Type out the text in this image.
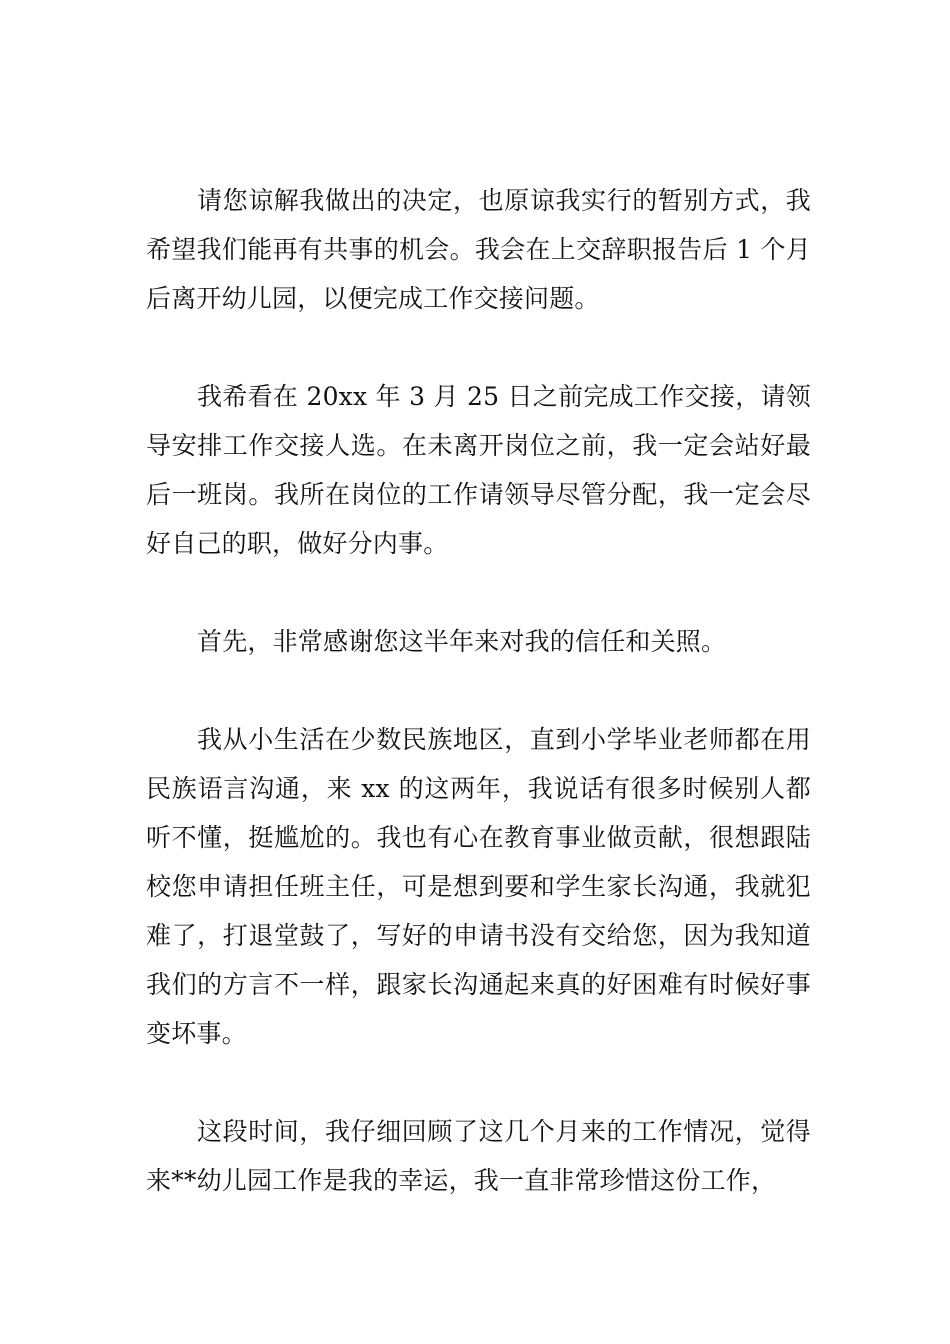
请您谅解我做出的决定，也原谅我实行的暂别方式，我希望我们能再有共事的机会。我会在上交辞职报告后 1 个月后离开幼儿园，以便完成工作交接问题。

我希看在 20xx 年 3 月 25 日之前完成工作交接，请领导安排工作交接人选。在未离开岗位之前，我一定会站好最后一班岗。我所在岗位的工作请领导尽管分配，我一定会尽好自己的职，做好分内事。

首先，非常感谢您这半年来对我的信任和关照。

我从小生活在少数民族地区，直到小学毕业老师都在用民族语言沟通，来 xx 的这两年，我说话有很多时候别人都听不懂，挺尴尬的。我也有心在教育事业做贡献，很想跟陆校您申请担任班主任，可是想到要和学生家长沟通，我就犯难了，打退堂鼓了，写好的申请书没有交给您，因为我知道我们的方言不一样，跟家长沟通起来真的好困难有时候好事变坏事。

这段时间，我仔细回顾了这几个月来的工作情况，觉得来**幼儿园工作是我的幸运，我一直非常珍惜这份工作，
